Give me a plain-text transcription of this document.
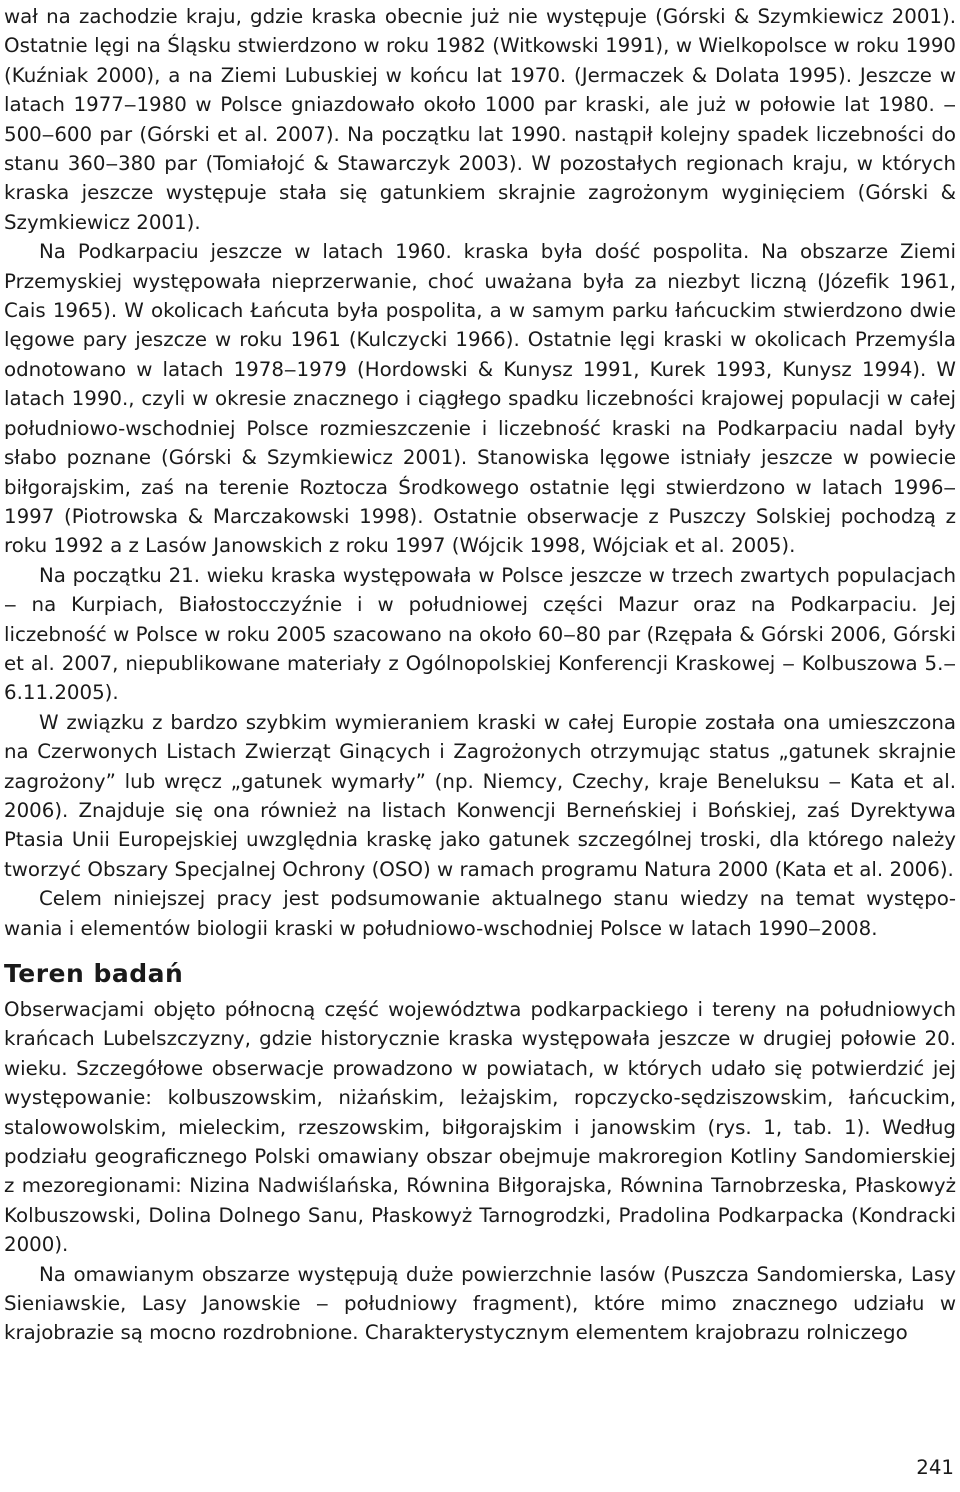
wał na zachodzie kraju, gdzie kraska obecnie już nie występuje (Górski & Szymkiewicz 2001). Ostatnie lęgi na Śląsku stwierdzono w roku 1982 (Witkowski 1991), w Wielkopolsce w roku 1990 (Kuźniak 2000), a na Ziemi Lubuskiej w końcu lat 1970. (Jermaczek & Dolata 1995). Jeszcze w latach 1977‒1980 w Polsce gniazdowało około 1000 par kraski, ale już w połowie lat 1980. ‒ 500‒600 par (Górski et al. 2007). Na początku lat 1990. nastąpił kolejny spadek liczebności do stanu 360‒380 par (Tomiałojć & Stawarczyk 2003). W pozostałych regionach kraju, w których kraska jeszcze występuje stała się gatunkiem skrajnie zagrożonym wyginięciem (Górski & Szymkiewicz 2001).

Na Podkarpaciu jeszcze w latach 1960. kraska była dość pospolita. Na obszarze Ziemi Przemyskiej występowała nieprzerwanie, choć uważana była za niezbyt liczną (Józefik 1961, Cais 1965). W okolicach Łańcuta była pospolita, a w samym parku łańcuckim stwierdzono dwie lęgowe pary jeszcze w roku 1961 (Kulczycki 1966). Ostatnie lęgi kraski w okolicach Przemyśla odnotowano w latach 1978‒1979 (Hordowski & Kunysz 1991, Kurek 1993, Kunysz 1994). W latach 1990., czyli w okresie znacznego i ciągłego spadku liczebności krajowej populacji w całej południowo-wschodniej Polsce rozmieszczenie i liczebność kraski na Podkarpaciu nadal były słabo poznane (Górski & Szymkiewicz 2001). Stanowiska lęgowe istniały jeszcze w powiecie biłgorajskim, zaś na terenie Roztocza Środkowego ostatnie lęgi stwierdzono w latach 1996‒1997 (Piotrowska & Marczakowski 1998). Ostatnie obserwacje z Puszczy Solskiej pochodzą z roku 1992 a z Lasów Janowskich z roku 1997 (Wójcik 1998, Wójciak et al. 2005).

Na początku 21. wieku kraska występowała w Polsce jeszcze w trzech zwartych populacjach ‒ na Kurpiach, Białostocczyźnie i w południowej części Mazur oraz na Podkarpaciu. Jej liczebność w Polsce w roku 2005 szacowano na około 60‒80 par (Rzępała & Górski 2006, Górski et al. 2007, niepublikowane materiały z Ogólnopolskiej Konferencji Kraskowej ‒ Kolbuszowa 5.‒6.11.2005).

W związku z bardzo szybkim wymieraniem kraski w całej Europie została ona umieszczona na Czerwonych Listach Zwierząt Ginących i Zagrożonych otrzymując status „gatunek skrajnie zagrożony” lub wręcz „gatunek wymarły” (np. Niemcy, Czechy, kraje Beneluksu ‒ Kata et al. 2006). Znajduje się ona również na listach Konwencji Berneńskiej i Bońskiej, zaś Dyrektywa Ptasia Unii Europejskiej uwzględnia kraskę jako gatunek szczególnej troski, dla którego należy tworzyć Obszary Specjalnej Ochrony (OSO) w ramach programu Natura 2000 (Kata et al. 2006).

Celem niniejszej pracy jest podsumowanie aktualnego stanu wiedzy na temat występowania i elementów biologii kraski w południowo-wschodniej Polsce w latach 1990‒2008.

Teren badań

Obserwacjami objęto północną część województwa podkarpackiego i tereny na południowych krańcach Lubelszczyzny, gdzie historycznie kraska występowała jeszcze w drugiej połowie 20. wieku. Szczegółowe obserwacje prowadzono w powiatach, w których udało się potwierdzić jej występowanie: kolbuszowskim, niżańskim, leżajskim, ropczycko-sędziszowskim, łańcuckim, stalowowolskim, mieleckim, rzeszowskim, biłgorajskim i janowskim (rys. 1, tab. 1). Według podziału geograficznego Polski omawiany obszar obejmuje makroregion Kotliny Sandomierskiej z mezoregionami: Nizina Nadwiślańska, Równina Biłgorajska, Równina Tarnobrzeska, Płaskowyż Kolbuszowski, Dolina Dolnego Sanu, Płaskowyż Tarnogrodzki, Pradolina Podkarpacka (Kondracki 2000).

Na omawianym obszarze występują duże powierzchnie lasów (Puszcza Sandomierska, Lasy Sieniawskie, Lasy Janowskie ‒ południowy fragment), które mimo znacznego udziału w krajobrazie są mocno rozdrobnione. Charakterystycznym elementem krajobrazu rolniczego

241
